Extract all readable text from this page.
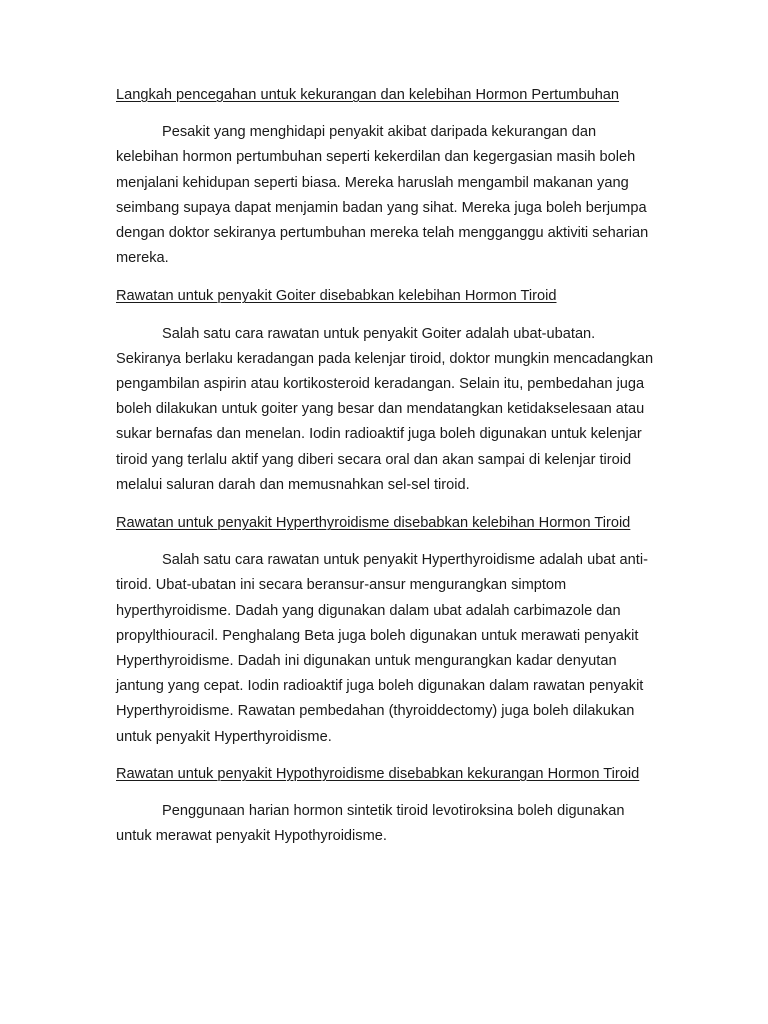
Langkah pencegahan untuk kekurangan dan kelebihan Hormon Pertumbuhan

Pesakit yang menghidapi penyakit akibat daripada kekurangan dan kelebihan hormon pertumbuhan seperti kekerdilan dan kegergasian masih boleh menjalani kehidupan seperti biasa. Mereka haruslah mengambil makanan yang seimbang supaya dapat menjamin badan yang sihat. Mereka juga boleh berjumpa dengan doktor sekiranya pertumbuhan mereka telah mengganggu aktiviti seharian mereka.

Rawatan untuk penyakit Goiter disebabkan kelebihan Hormon Tiroid

Salah satu cara rawatan untuk penyakit Goiter adalah ubat-ubatan. Sekiranya berlaku keradangan pada kelenjar tiroid, doktor mungkin mencadangkan pengambilan aspirin atau kortikosteroid keradangan. Selain itu, pembedahan juga boleh dilakukan untuk goiter yang besar dan mendatangkan ketidakselesaan atau sukar bernafas dan menelan. Iodin radioaktif juga boleh digunakan untuk kelenjar tiroid yang terlalu aktif yang diberi secara oral dan akan sampai di kelenjar tiroid melalui saluran darah dan memusnahkan sel-sel tiroid.

Rawatan untuk penyakit Hyperthyroidisme disebabkan kelebihan Hormon Tiroid

Salah satu cara rawatan untuk penyakit Hyperthyroidisme adalah ubat anti-tiroid. Ubat-ubatan ini secara beransur-ansur mengurangkan simptom hyperthyroidisme. Dadah yang digunakan dalam ubat adalah carbimazole dan propylthiouracil. Penghalang Beta juga boleh digunakan untuk merawati penyakit Hyperthyroidisme. Dadah ini digunakan untuk mengurangkan kadar denyutan jantung yang cepat. Iodin radioaktif juga boleh digunakan dalam rawatan penyakit Hyperthyroidisme. Rawatan pembedahan (thyroiddectomy) juga boleh dilakukan untuk penyakit Hyperthyroidisme.

Rawatan untuk penyakit Hypothyroidisme disebabkan kekurangan Hormon Tiroid

Penggunaan harian hormon sintetik tiroid levotiroksina boleh digunakan untuk merawat penyakit Hypothyroidisme.
